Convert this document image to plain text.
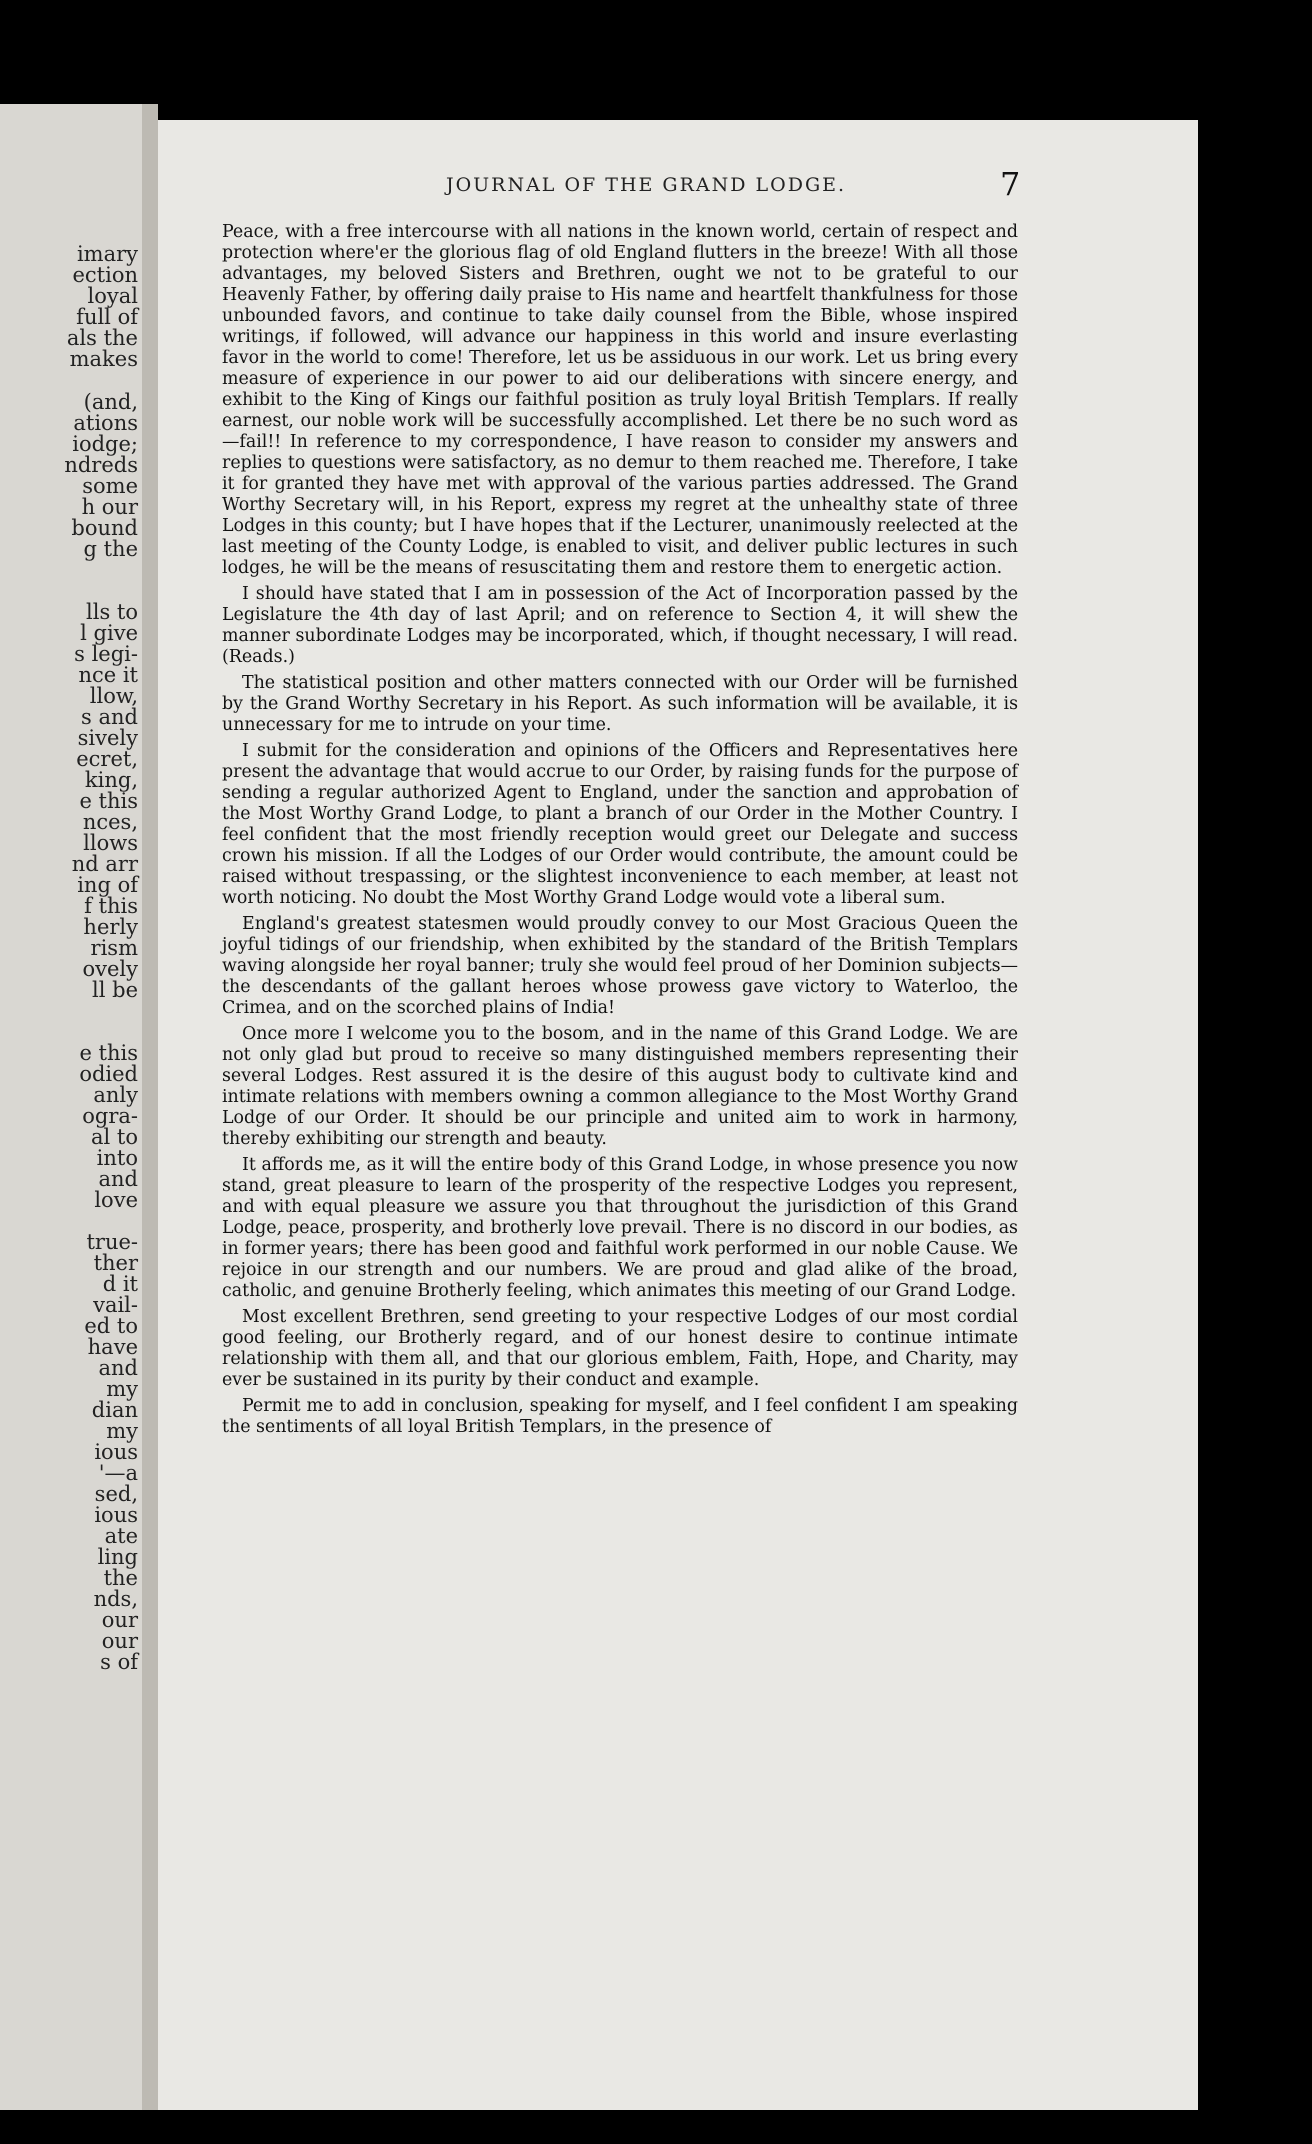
imary
ection
loyal
full of
als the
makes
(and,
ations
iodge;
ndreds
some
h our
bound
g the
lls to
l give
s legi-
nce it
llow,
s and
sively
ecret,
king,
e this
nces,
llows
nd arr
ing of
f this
herly
rism
ovely
ll be
e this
odied
anly
ogra-
al to
into
and
love
true-
ther
d it
vail-
ed to
have
and
my
dian
my
ious
'—a
sed,
ious
ate
ling
the
nds,
our
our
s of
JOURNAL OF THE GRAND LODGE.	7

Peace, with a free intercourse with all nations in the known world, certain of respect and protection where'er the glorious flag of old England flutters in the breeze! With all those advantages, my beloved Sisters and Brethren, ought we not to be grateful to our Heavenly Father, by offering daily praise to His name and heartfelt thankfulness for those unbounded favors, and continue to take daily counsel from the Bible, whose inspired writings, if followed, will advance our happiness in this world and insure everlasting favor in the world to come! Therefore, let us be assiduous in our work. Let us bring every measure of experience in our power to aid our deliberations with sincere energy, and exhibit to the King of Kings our faithful position as truly loyal British Templars. If really earnest, our noble work will be successfully accomplished. Let there be no such word as—fail!! In reference to my correspondence, I have reason to consider my answers and replies to questions were satisfactory, as no demur to them reached me. Therefore, I take it for granted they have met with approval of the various parties addressed. The Grand Worthy Secretary will, in his Report, express my regret at the unhealthy state of three Lodges in this county; but I have hopes that if the Lecturer, unanimously reelected at the last meeting of the County Lodge, is enabled to visit, and deliver public lectures in such lodges, he will be the means of resuscitating them and restore them to energetic action.

I should have stated that I am in possession of the Act of Incorporation passed by the Legislature the 4th day of last April; and on reference to Section 4, it will shew the manner subordinate Lodges may be incorporated, which, if thought necessary, I will read. (Reads.)

The statistical position and other matters connected with our Order will be furnished by the Grand Worthy Secretary in his Report. As such information will be available, it is unnecessary for me to intrude on your time.

I submit for the consideration and opinions of the Officers and Representatives here present the advantage that would accrue to our Order, by raising funds for the purpose of sending a regular authorized Agent to England, under the sanction and approbation of the Most Worthy Grand Lodge, to plant a branch of our Order in the Mother Country. I feel confident that the most friendly reception would greet our Delegate and success crown his mission. If all the Lodges of our Order would contribute, the amount could be raised without trespassing, or the slightest inconvenience to each member, at least not worth noticing. No doubt the Most Worthy Grand Lodge would vote a liberal sum.

England's greatest statesmen would proudly convey to our Most Gracious Queen the joyful tidings of our friendship, when exhibited by the standard of the British Templars waving alongside her royal banner; truly she would feel proud of her Dominion subjects—the descendants of the gallant heroes whose prowess gave victory to Waterloo, the Crimea, and on the scorched plains of India!

Once more I welcome you to the bosom, and in the name of this Grand Lodge. We are not only glad but proud to receive so many distinguished members representing their several Lodges. Rest assured it is the desire of this august body to cultivate kind and intimate relations with members owning a common allegiance to the Most Worthy Grand Lodge of our Order. It should be our principle and united aim to work in harmony, thereby exhibiting our strength and beauty.

It affords me, as it will the entire body of this Grand Lodge, in whose presence you now stand, great pleasure to learn of the prosperity of the respective Lodges you represent, and with equal pleasure we assure you that throughout the jurisdiction of this Grand Lodge, peace, prosperity, and brotherly love prevail. There is no discord in our bodies, as in former years; there has been good and faithful work performed in our noble Cause. We rejoice in our strength and our numbers. We are proud and glad alike of the broad, catholic, and genuine Brotherly feeling, which animates this meeting of our Grand Lodge.

Most excellent Brethren, send greeting to your respective Lodges of our most cordial good feeling, our Brotherly regard, and of our honest desire to continue intimate relationship with them all, and that our glorious emblem, Faith, Hope, and Charity, may ever be sustained in its purity by their conduct and example.

Permit me to add in conclusion, speaking for myself, and I feel confident I am speaking the sentiments of all loyal British Templars, in the presence of
